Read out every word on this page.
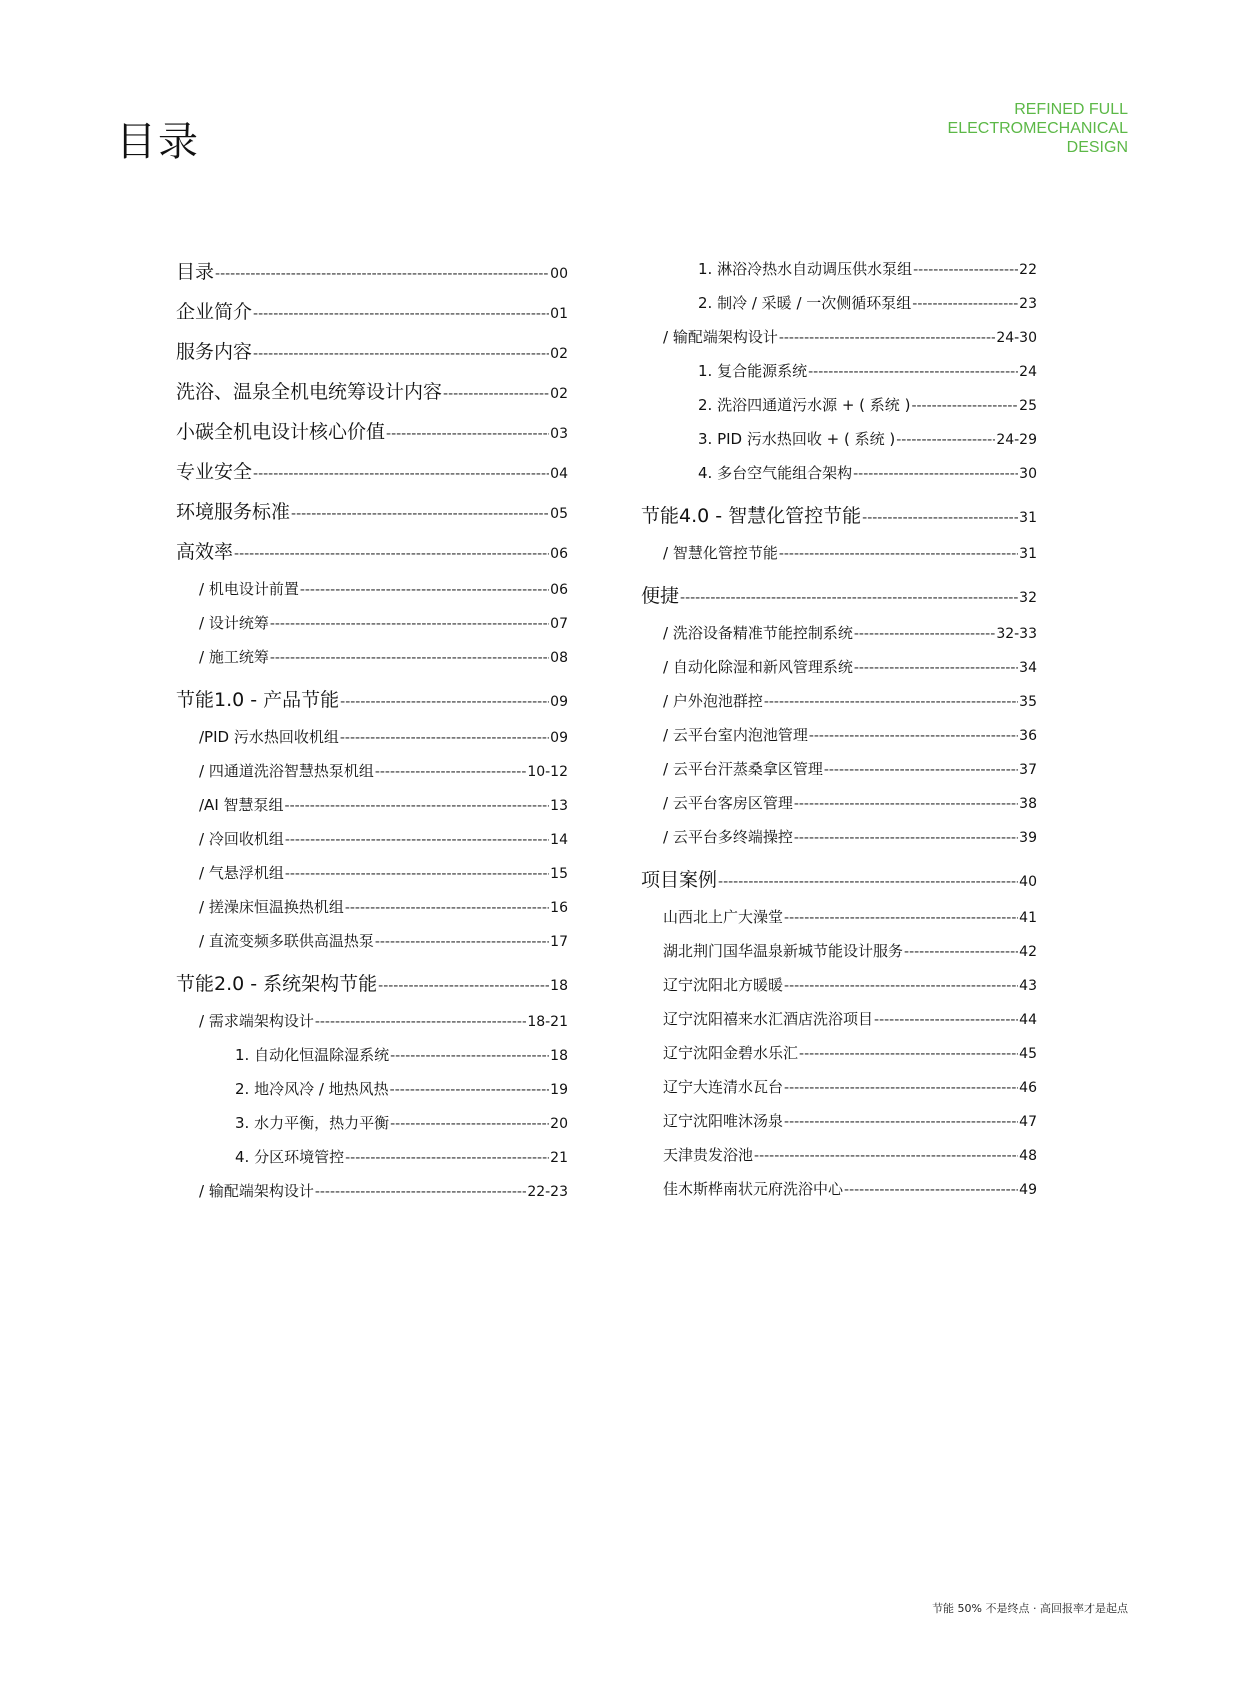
目录
REFINED FULL
ELECTROMECHANICAL
DESIGN
目录 -----	00
企业简介 -----	01
服务内容 -----	02
洗浴、温泉全机电统筹设计内容 -----	02
小碳全机电设计核心价值 -----	03
专业安全 -----	04
环境服务标准 -----	05
高效率 -----	06
/ 机电设计前置 -----	06
/ 设计统筹 -----	07
/ 施工统筹 -----	08
节能1.0 - 产品节能 -----	09
/PID 污水热回收机组 -----	09
/ 四通道洗浴智慧热泵机组 -----	10-12
/AI 智慧泵组 -----	13
/ 冷回收机组 -----	14
/ 气悬浮机组 -----	15
/ 搓澡床恒温换热机组 -----	16
/ 直流变频多联供高温热泵 -----	17
节能2.0 - 系统架构节能 -----	18
/ 需求端架构设计 -----	18-21
1. 自动化恒温除湿系统 -----	18
2. 地冷风冷 / 地热风热 -----	19
3. 水力平衡，热力平衡 -----	20
4. 分区环境管控 -----	21
/ 输配端架构设计 -----	22-23
1. 淋浴冷热水自动调压供水泵组 -----	22
2. 制冷 / 采暖 / 一次侧循环泵组 -----	23
/ 输配端架构设计 -----	24-30
1. 复合能源系统 -----	24
2. 洗浴四通道污水源 + ( 系统 ) -----	25
3. PID 污水热回收 + ( 系统 ) -----	24-29
4. 多台空气能组合架构 -----	30
节能4.0 - 智慧化管控节能 -----	31
/ 智慧化管控节能 -----	31
便捷 -----	32
/ 洗浴设备精准节能控制系统 -----	32-33
/ 自动化除湿和新风管理系统 -----	34
/ 户外泡池群控 -----	35
/ 云平台室内泡池管理 -----	36
/ 云平台汗蒸桑拿区管理 -----	37
/ 云平台客房区管理 -----	38
/ 云平台多终端操控 -----	39
项目案例 -----	40
山西北上广大澡堂 -----	41
湖北荆门国华温泉新城节能设计服务 -----	42
辽宁沈阳北方暖暖 -----	43
辽宁沈阳禧来水汇酒店洗浴项目 -----	44
辽宁沈阳金碧水乐汇 -----	45
辽宁大连清水瓦台 -----	46
辽宁沈阳唯沐汤泉 -----	47
天津贵发浴池 -----	48
佳木斯桦南状元府洗浴中心 -----	49
节能 50% 不是终点 · 高回报率才是起点
